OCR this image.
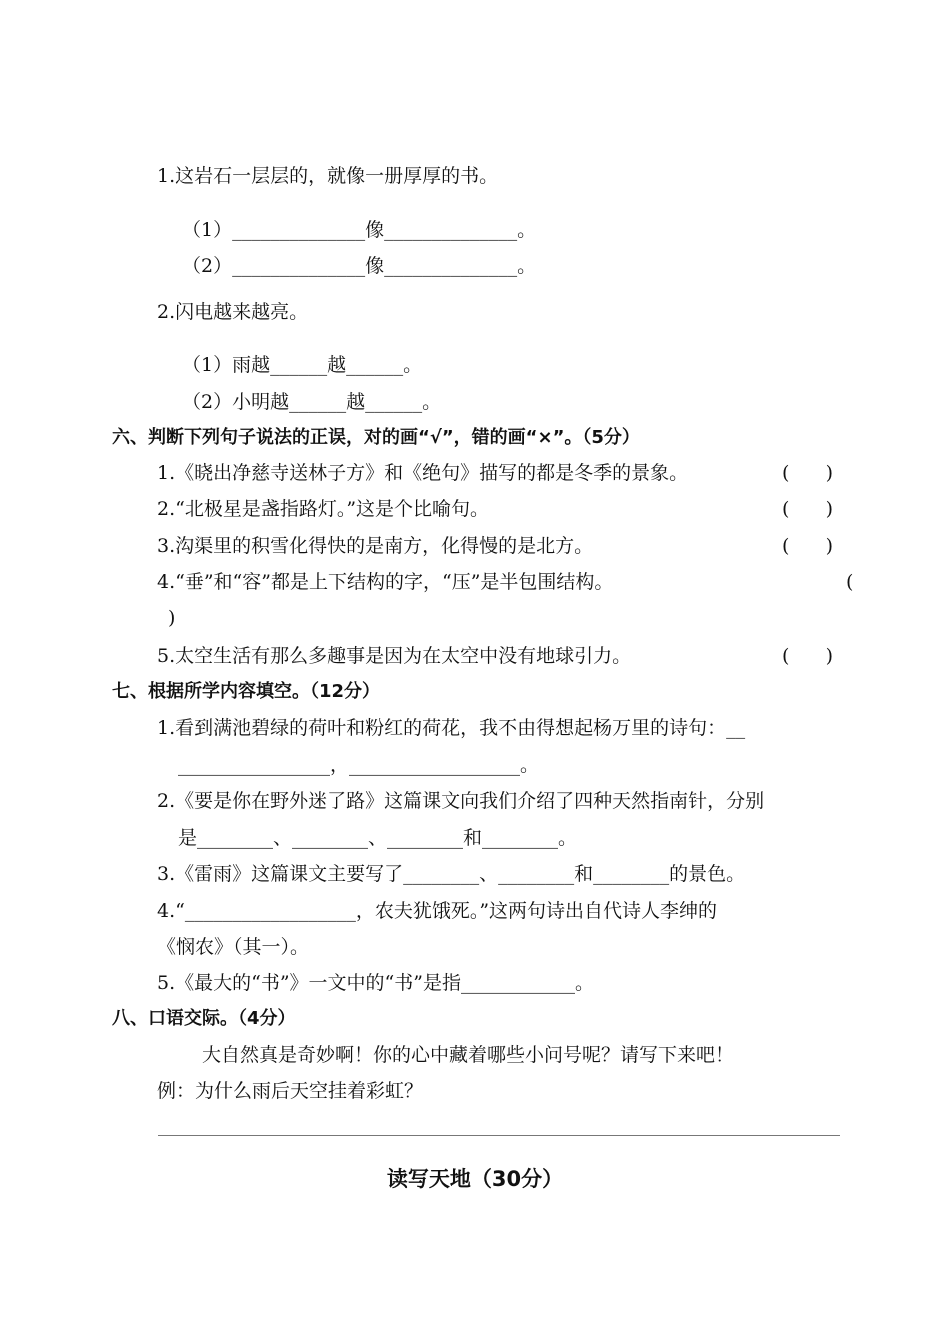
1.这岩石一层层的，就像一册厚厚的书。
（1）______________像______________。
（2）______________像______________。
2.闪电越来越亮。
（1）雨越______越______。
（2）小明越______越______。
六、判断下列句子说法的正误，对的画“√”，错的画“×”。（5分）
1.《晓出净慈寺送林子方》和《绝句》描写的都是冬季的景象。	(      )
2.“北极星是盏指路灯。”这是个比喻句。	(      )
3.沟渠里的积雪化得快的是南方，化得慢的是北方。	(      )
4.“垂”和“容”都是上下结构的字，“压”是半包围结构。	(
)
5.太空生活有那么多趣事是因为在太空中没有地球引力。	(      )
七、根据所学内容填空。（12分）
1.看到满池碧绿的荷叶和粉红的荷花，我不由得想起杨万里的诗句：__
________________，__________________。
2.《要是你在野外迷了路》这篇课文向我们介绍了四种天然指南针，分别
是________、________、________和________。
3.《雷雨》这篇课文主要写了________、________和________的景色。
4.“__________________，农夫犹饿死。”这两句诗出自代诗人李绅的
《悯农》（其一）。
5.《最大的“书”》一文中的“书”是指____________。
八、口语交际。（4分）
大自然真是奇妙啊！你的心中藏着哪些小问号呢？请写下来吧！
例：为什么雨后天空挂着彩虹？
读写天地（30分）
